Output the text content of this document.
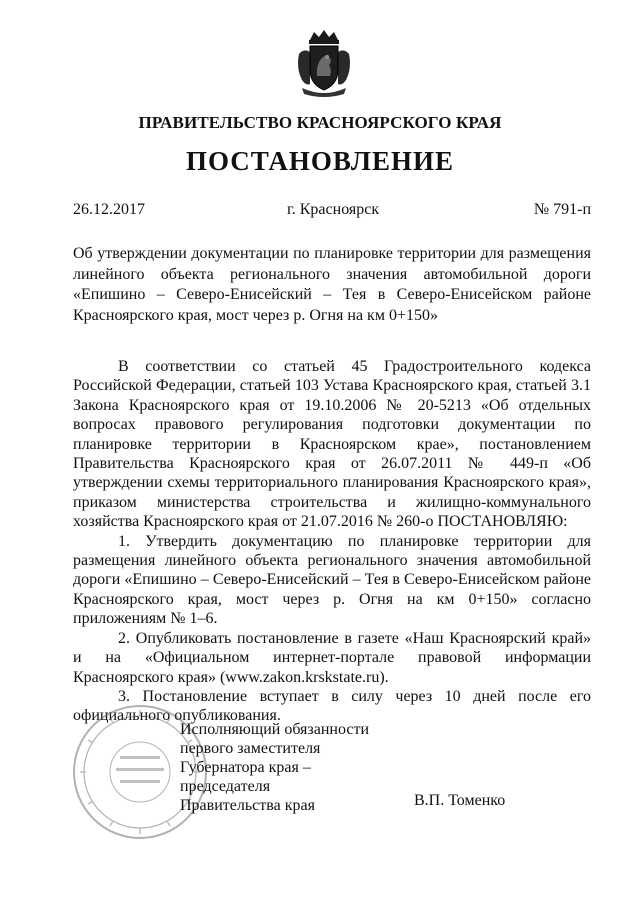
ПРАВИТЕЛЬСТВО КРАСНОЯРСКОГО КРАЯ
ПОСТАНОВЛЕНИЕ
26.12.2017	г. Красноярск	№ 791-п
Об утверждении документации по планировке территории для размещения линейного объекта регионального значения автомобильной дороги «Епишино – Северо-Енисейский – Тея в Северо-Енисейском районе Красноярского края, мост через р. Огня на км 0+150»

В соответствии со статьей 45 Градостроительного кодекса Российской Федерации, статьей 103 Устава Красноярского края, статьей 3.1 Закона Красноярского края от 19.10.2006 № 20-5213 «Об отдельных вопросах правового регулирования подготовки документации по планировке территории в Красноярском крае», постановлением Правительства Красноярского края от 26.07.2011 № 449-п «Об утверждении схемы территориального планирования Красноярского края», приказом министерства строительства и жилищно-коммунального хозяйства Красноярского края от 21.07.2016 № 260-о ПОСТАНОВЛЯЮ:

1. Утвердить документацию по планировке территории для размещения линейного объекта регионального значения автомобильной дороги «Епишино – Северо-Енисейский – Тея в Северо-Енисейском районе Красноярского края, мост через р. Огня на км 0+150» согласно приложениям № 1–6.

2. Опубликовать постановление в газете «Наш Красноярский край» и на «Официальном интернет-портале правовой информации Красноярского края» (www.zakon.krskstate.ru).

3. Постановление вступает в силу через 10 дней после его официального опубликования.

Исполняющий обязанности
первого заместителя
Губернатора края –
председателя
Правительства края	В.П. Томенко
